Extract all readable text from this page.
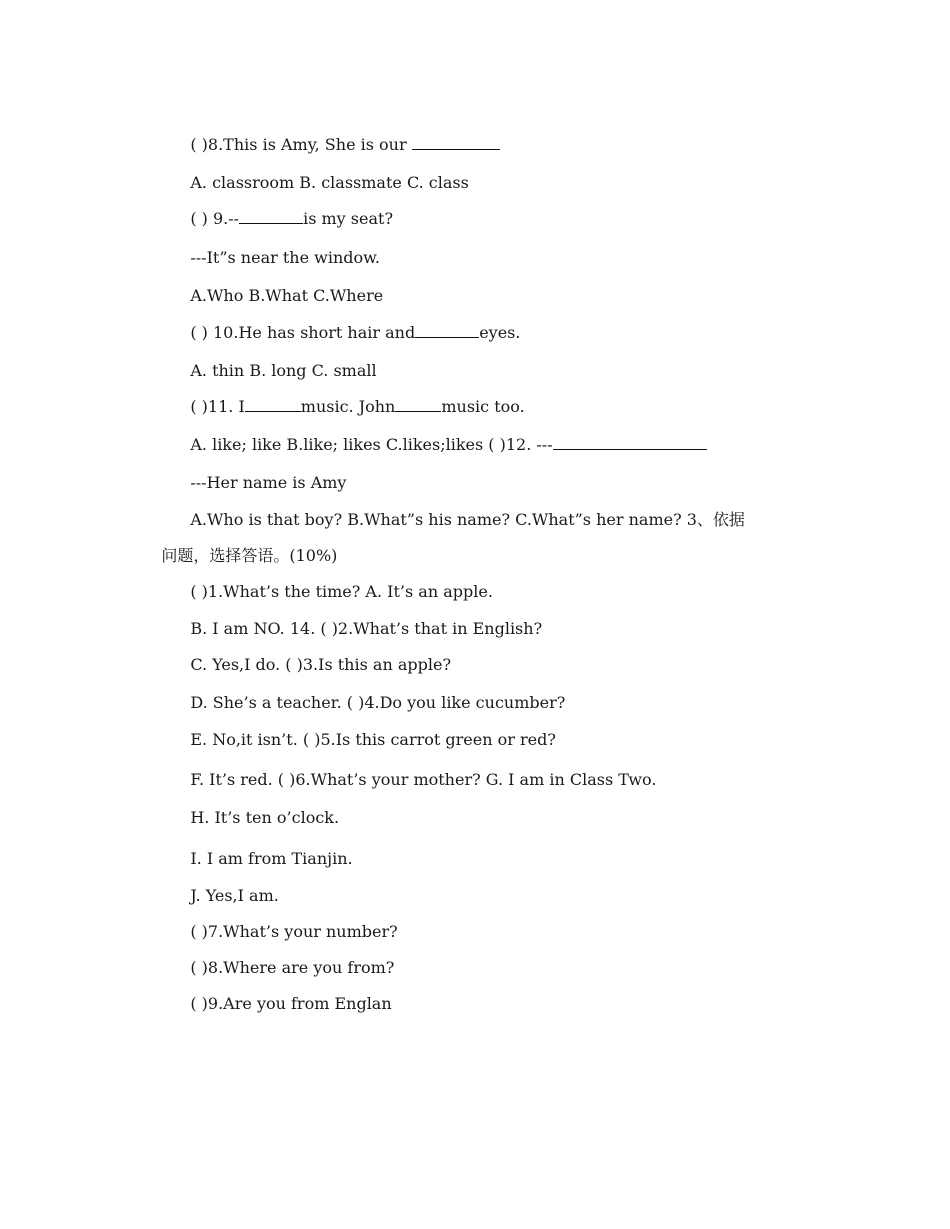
( )8.This is Amy, She is our

A. classroom B. classmate C. class

( ) 9.--	is my seat?

---It”s near the window.

A.Who B.What C.Where

( ) 10.He has short hair and	eyes.

A. thin B. long C. small

( )11. I	music. John	music too.

A. like; like B.like; likes C.likes;likes ( )12. ---

---Her name is Amy

A.Who is that boy? B.What”s his name? C.What”s her name? 3、依据

问题，选择答语。(10%)

( )1.What’s the time? A. It’s an apple.

B. I am NO. 14. ( )2.What’s that in English?

C. Yes,I do. ( )3.Is this an apple?

D. She’s a teacher. ( )4.Do you like cucumber?

E. No,it isn’t. ( )5.Is this carrot green or red?

F. It’s red. ( )6.What’s your mother? G. I am in Class Two.

H. It’s ten o’clock.

I. I am from Tianjin.

J. Yes,I am.

( )7.What’s your number?

( )8.Where are you from?

( )9.Are you from Englan
